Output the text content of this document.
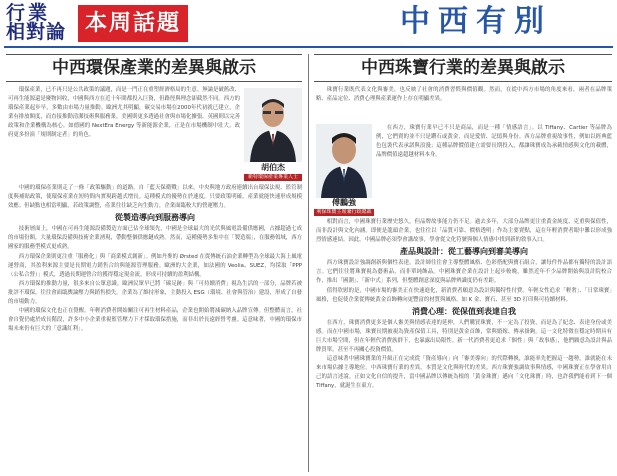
行業
相對論 本周話題	中西有別
中西環保產業的差異與啟示
胡伯杰
新特環保產業專業人士

環保產業，已不再只是公共政策的議題，而是一門正在重塑經濟格局的生意。無論是破舊改、可再生能源還是廢物回收，中國與西方在近十年間都投入巨資，但路徑與理念卻截然不同。西方的環保產業起步早，多數由市場力量推動。歐洲尤其明顯，碳交易市場在2000年代初就已建立，企業有排放額度，而直接推動清潔技術與服務業。美國則更多透過社會與市場化擴張。英國則以完善政策和企業機構為核心。如德國的 NextEra Energy 等新能源企業，正是在市場機制中壯大。政府更多扮演「規則制定者」的角色。

中國的環保產業則走了一條「政策驅動」的道路。自「藍天保衛戰」以來，中央與地方政府連續出台環保法規、監管制度與補貼政策，使環保產業在短時間內實現跨越式增長。這種模式的優勢在於速度，只要政策明確，產業就能快速形成規模效應；但缺點也相當明顯，若政策調整，產業往往缺乏內生動力，企業面臨較大的營運壓力。

從製造導向到服務導向

技術層面上，中國在可再生能源設備製造方面已佔全球領先，中國是全球最大的光伏與風電設備供應國，占據超過七成的市場份額，大量環保設備與技術企業湧現，帶動整個供應鏈成熟。然而，這種優勢多集中在「製造端」，在服務領域，西方國家的服務型模式更成熟。

西方環保企業則更注重「服務化」與「商業模式創新」。例如丹麥的 Ørsted 在從傳統石油企業轉型為全球最大海上風電運營商，其盈利來源主要是長期電力銷售合約與能源管理服務。歐洲的大企業，如法國的 Veolia、SUEZ，均採取「PPP（公私合營）」模式，透過長期運營合約獲得穩定現金流，形成可持續的盈利結構。

西方環保的推動力量，很多來自公眾意識。歐洲民眾早已將「碳足跡」與「可持續消費」視為生活的一部分，品牌若被批評不環保，往往會面臨輿論壓力與銷售損失。企業為了維持形象，主動投入 ESG（環境、社會與管治）建設，形成了自發的市場動力。

中國的環保文化也正在覺醒。年輕消費者開始關注可再生材料產品，企業也開始將減碳納入品牌宣傳。但整體而言，社會自覺仍處於成長階段，許多中小企業重視監管壓力下才採取環保措施，而非出於長遠經營考慮。這意味著，中國的環保市場未來仍有巨大的「意識紅利」。

中西珠寶行業的差異與啟示

珠寶行業既代表文化與審美，也反映了社會的消費習慣與價值觀。然而，在從中西方市場的角度來看，兩者在品牌策略、產品定位、消費心理與產業運作上存在明顯差異。

傅鵬強
利保珠寶主席兼行政總裁

在西方，珠寶行業早已不只是商品，而是一種「情感語言」。以 Tiffany、Cartier 等品牌為例，它們賣的並不只是鑽石或黃金，而是愛情、記憶與身份。西方品牌重視故事性，例如以經典藍色包裝代表承諾與浪漫；這種品牌價值建立需要長期投入，都讓珠寶成為承載情感與文化的載體，品牌價值遠超越材料本身。

相對而言，中國珠寶行業歷史悠久，但品牌故事能力仍不足。過去多年，大部分品牌更注重黃金純度、克重與保值性，而非設計與文化內涵。即便是龍頭企業，也往往以「品質可靠、價格透明」作為主要賣點，這在年輕消費者眼中難以形成強烈情感連結。因此，中國品牌必須學會講故事，學會從文化符號與個人情感中找到新的敘事入口。

產品與設計：從工藝導向到審美導向

西方珠寶設計強調創新與個性表達。設計師往往會主導整體風格、色彩搭配與寶石組合，讓每件作品都有獨特的設計語言。它們往往將珠寶視為藝術品，而非單純飾品。中國珠寶企業在設計上起步較晚，雖然近年不少品牌開始與設計院校合作，推出「國潮」、「新中式」系列，但整體創意深度與品牌辨識度仍有差距。

值得欣慰的是，中國市場的審美正在快速進化，新消費者願意為設計與獨特性付費。年輕女性追求「輕奢」、「日常珠寶」風格，也促使企業從傳統黃金首飾轉向更豐富的材質與風格，如 K 金、寶石、甚至 3D 打印與可持續材料。

消費心理：從保值到表達自我

在西方，珠寶消費更多是個人審美與情感表達的延伸，人們購買珠寶，不一定為了投資，而是為了紀念、表達身份或美感。而在中國市場，珠寶長期被視為資產保值工具，特別是黃金首飾，常與婚嫁、傳承掛鉤。這一文化特徵在穩定時期具有巨大市場空間，但在年輕代消費族群下，也暴露出局限性。新一代消費者更追求「個性」與「故事感」，他們願意為設計與品牌買單，甚至不再關心投資價值。

這意味著中國珠寶業的升級正在完成從「資產導向」向「審美導向」的代際轉換，誰能率先把握這一趨勢，誰就能在未來市場佔據主導地位。中西珠寶行業的差異，本質是文化與時代的差異。西方珠寶強調故事與情感，中國珠寶正在學會用自己的語言述說。正如文化自信的提升，當中國品牌以傳統為根的「黃金珠寶」邁向「文化珠寶」時，也許我們能看到下一個 Tiffany，就誕生在東方。
